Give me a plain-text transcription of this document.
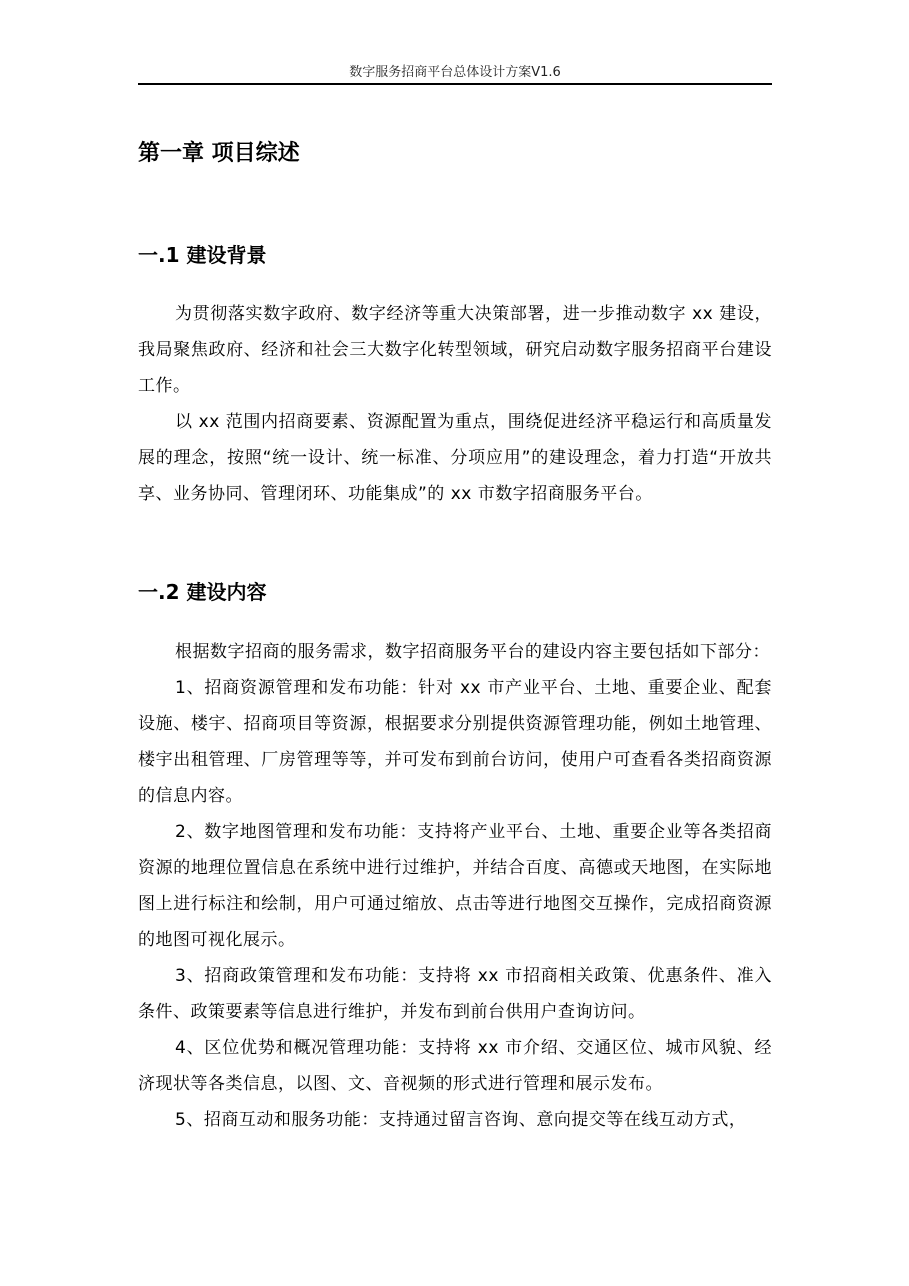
数字服务招商平台总体设计方案V1.6
第一章 项目综述
一.1 建设背景

为贯彻落实数字政府、数字经济等重大决策部署，进一步推动数字 xx 建设，我局聚焦政府、经济和社会三大数字化转型领域，研究启动数字服务招商平台建设工作。

以 xx 范围内招商要素、资源配置为重点，围绕促进经济平稳运行和高质量发展的理念，按照“统一设计、统一标准、分项应用”的建设理念，着力打造“开放共享、业务协同、管理闭环、功能集成”的 xx 市数字招商服务平台。

一.2 建设内容

根据数字招商的服务需求，数字招商服务平台的建设内容主要包括如下部分：

1、招商资源管理和发布功能：针对 xx 市产业平台、土地、重要企业、配套设施、楼宇、招商项目等资源，根据要求分别提供资源管理功能，例如土地管理、楼宇出租管理、厂房管理等等，并可发布到前台访问，使用户可查看各类招商资源的信息内容。

2、数字地图管理和发布功能：支持将产业平台、土地、重要企业等各类招商资源的地理位置信息在系统中进行过维护，并结合百度、高德或天地图，在实际地图上进行标注和绘制，用户可通过缩放、点击等进行地图交互操作，完成招商资源的地图可视化展示。

3、招商政策管理和发布功能：支持将 xx 市招商相关政策、优惠条件、准入条件、政策要素等信息进行维护，并发布到前台供用户查询访问。

4、区位优势和概况管理功能：支持将 xx 市介绍、交通区位、城市风貌、经济现状等各类信息，以图、文、音视频的形式进行管理和展示发布。

5、招商互动和服务功能：支持通过留言咨询、意向提交等在线互动方式，
